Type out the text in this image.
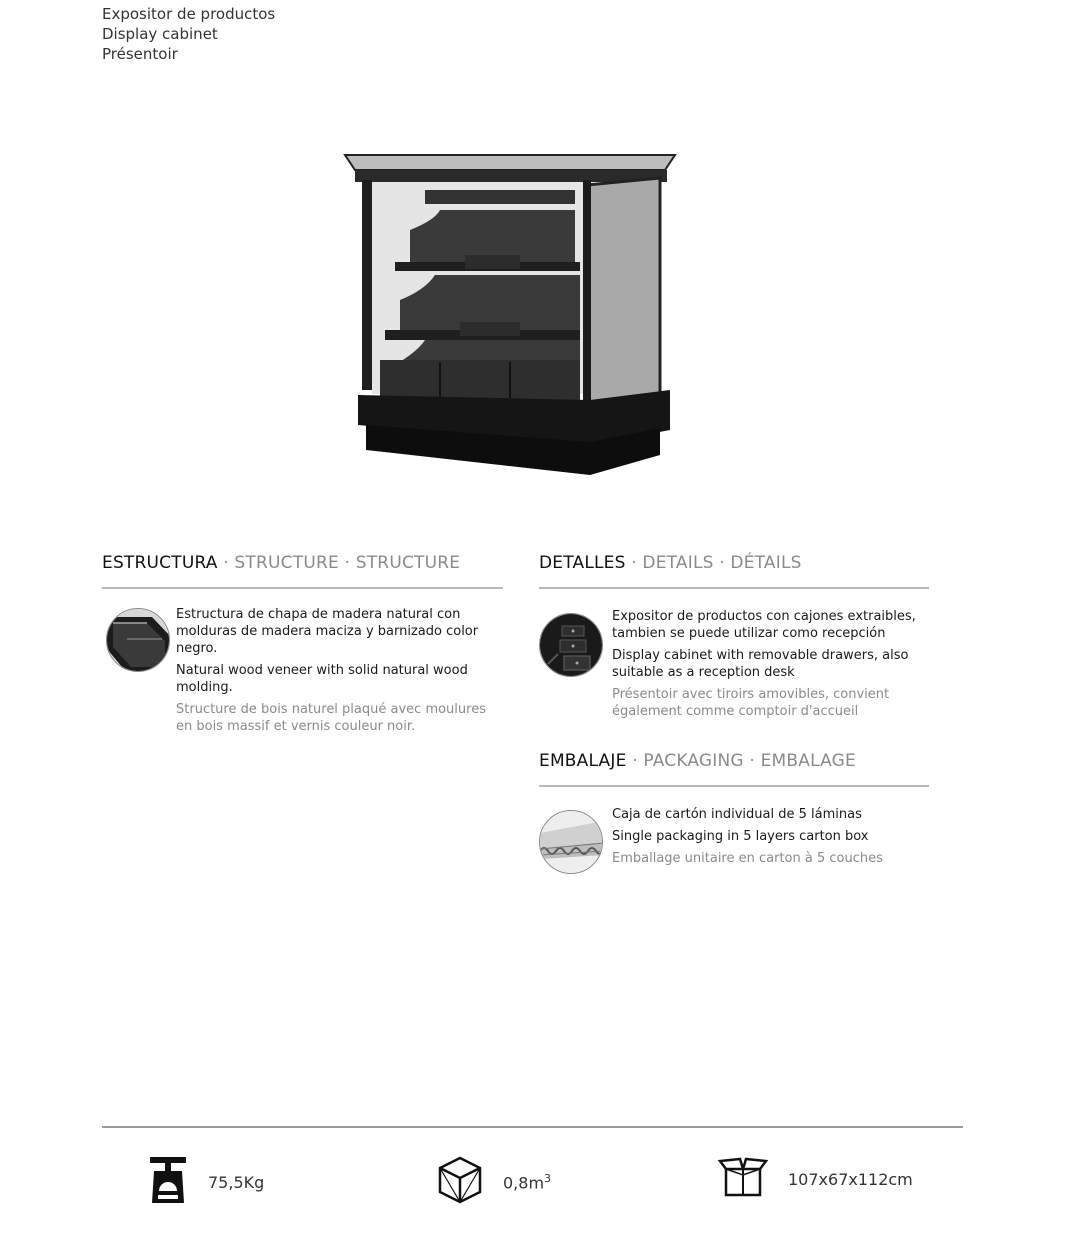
Expositor de productos
Display cabinet
Présentoir
ESTRUCTURA · STRUCTURE · STRUCTURE

Estructura de chapa de madera natural con molduras de madera maciza y barnizado color negro.

Natural wood veneer with solid natural wood molding.

Structure de bois naturel plaqué avec moulures en bois massif et vernis couleur noir.

DETALLES · DETAILS · DÉTAILS

Expositor de productos con cajones extraibles, tambien se puede utilizar como recepción

Display cabinet with removable drawers, also suitable as a reception desk

Présentoir avec tiroirs amovibles, convient également comme comptoir d'accueil

EMBALAJE · PACKAGING · EMBALAGE

Caja de cartón individual de 5 láminas

Single packaging in 5 layers carton box

Emballage unitaire en carton à 5 couches

75,5Kg	$0,8m^3$	107x67x112cm
